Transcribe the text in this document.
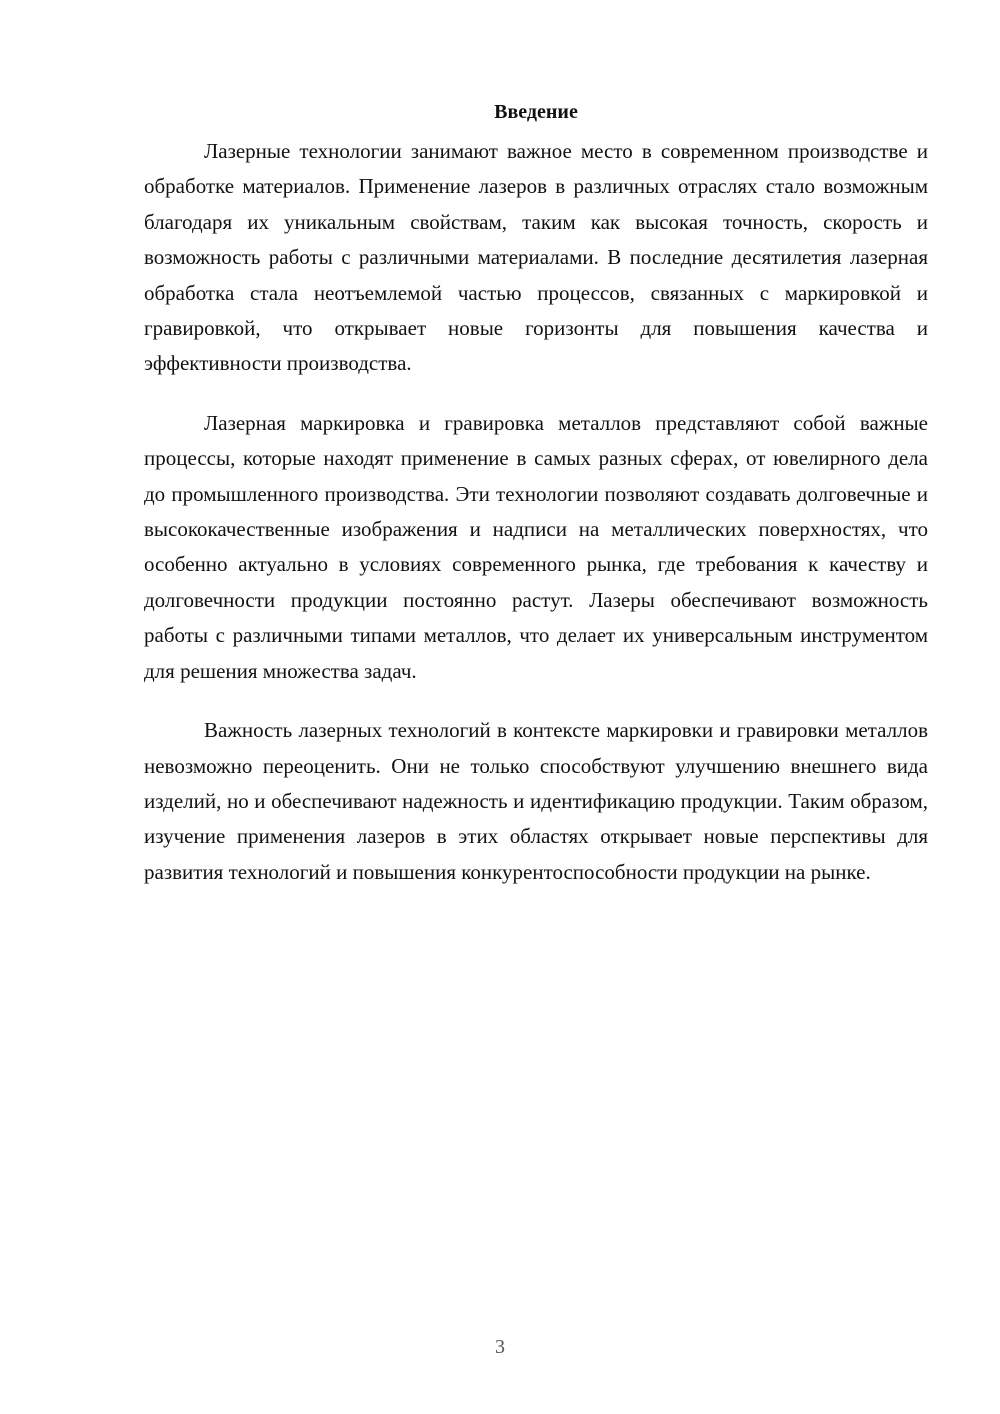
Введение

Лазерные технологии занимают важное место в современном производстве и обработке материалов. Применение лазеров в различных отраслях стало возможным благодаря их уникальным свойствам, таким как высокая точность, скорость и возможность работы с различными материалами. В последние десятилетия лазерная обработка стала неотъемлемой частью процессов, связанных с маркировкой и гравировкой, что открывает новые горизонты для повышения качества и эффективности производства.

Лазерная маркировка и гравировка металлов представляют собой важные процессы, которые находят применение в самых разных сферах, от ювелирного дела до промышленного производства. Эти технологии позволяют создавать долговечные и высококачественные изображения и надписи на металлических поверхностях, что особенно актуально в условиях современного рынка, где требования к качеству и долговечности продукции постоянно растут. Лазеры обеспечивают возможность работы с различными типами металлов, что делает их универсальным инструментом для решения множества задач.

Важность лазерных технологий в контексте маркировки и гравировки металлов невозможно переоценить. Они не только способствуют улучшению внешнего вида изделий, но и обеспечивают надежность и идентификацию продукции. Таким образом, изучение применения лазеров в этих областях открывает новые перспективы для развития технологий и повышения конкурентоспособности продукции на рынке.

3
